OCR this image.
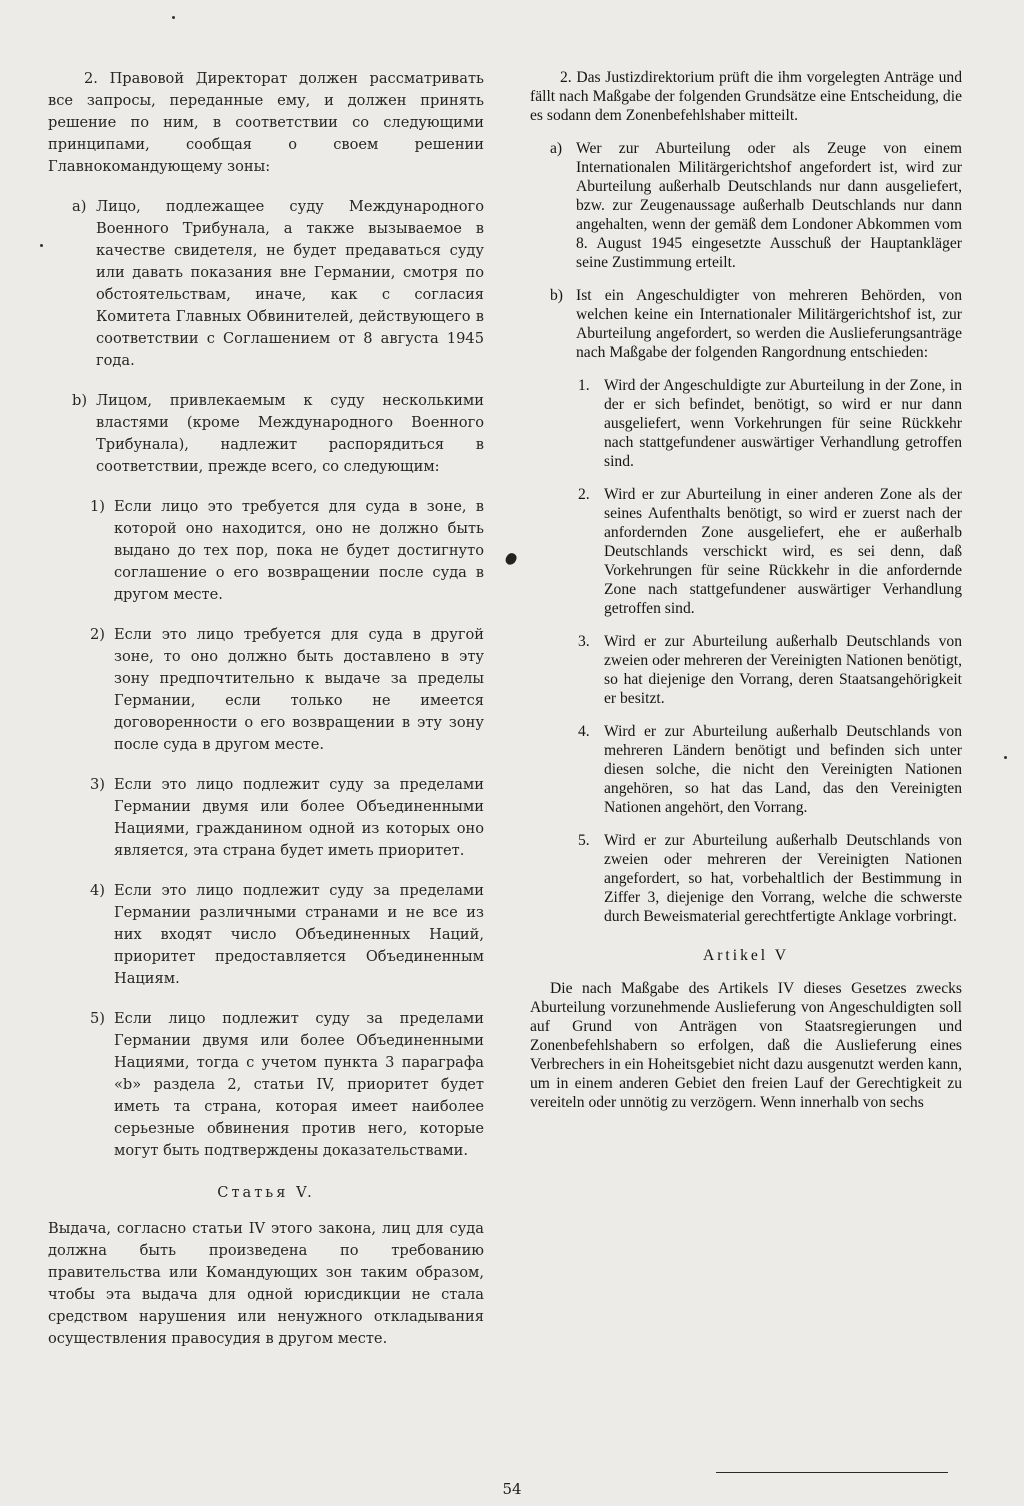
2. Правовой Директорат должен рассматривать все запросы, переданные ему, и должен принять решение по ним, в соответствии со следующими принципами, сообщая о своем решении Главнокомандующему зоны:

a) Лицо, подлежащее суду Международного Военного Трибунала, а также вызываемое в качестве свидетеля, не будет предаваться суду или давать показания вне Германии, смотря по обстоятельствам, иначе, как с согласия Комитета Главных Обвинителей, действующего в соответствии с Соглашением от 8 августа 1945 года.
b) Лицом, привлекаемым к суду несколькими властями (кроме Международного Военного Трибунала), надлежит распорядиться в соответствии, прежде всего, со следующим:
1) Если лицо это требуется для суда в зоне, в которой оно находится, оно не должно быть выдано до тех пор, пока не будет достигнуто соглашение о его возвращении после суда в другом месте.
2) Если это лицо требуется для суда в другой зоне, то оно должно быть доставлено в эту зону предпочтительно к выдаче за пределы Германии, если только не имеется договоренности о его возвращении в эту зону после суда в другом месте.
3) Если это лицо подлежит суду за пределами Германии двумя или более Объединенными Нациями, гражданином одной из которых оно является, эта страна будет иметь приоритет.
4) Если это лицо подлежит суду за пределами Германии различными странами и не все из них входят число Объединенных Наций, приоритет предоставляется Объединенным Нациям.
5) Если лицо подлежит суду за пределами Германии двумя или более Объединенными Нациями, тогда с учетом пункта 3 параграфа «b» раздела 2, статьи IV, приоритет будет иметь та страна, которая имеет наиболее серьезные обвинения против него, которые могут быть подтверждены доказательствами.

Статья V.

Выдача, согласно статьи IV этого закона, лиц для суда должна быть произведена по требованию правительства или Командующих зон таким образом, чтобы эта выдача для одной юрисдикции не стала средством нарушения или ненужного откладывания осуществления правосудия в другом месте.

2. Das Justizdirektorium prüft die ihm vorgelegten Anträge und fällt nach Maßgabe der folgenden Grundsätze eine Entscheidung, die es sodann dem Zonenbefehlshaber mitteilt.

a) Wer zur Aburteilung oder als Zeuge von einem Internationalen Militärgerichtshof angefordert ist, wird zur Aburteilung außerhalb Deutschlands nur dann ausgeliefert, bzw. zur Zeugenaussage außerhalb Deutschlands nur dann angehalten, wenn der gemäß dem Londoner Abkommen vom 8. August 1945 eingesetzte Ausschuß der Hauptankläger seine Zustimmung erteilt.
b) Ist ein Angeschuldigter von mehreren Behörden, von welchen keine ein Internationaler Militärgerichtshof ist, zur Aburteilung angefordert, so werden die Auslieferungsanträge nach Maßgabe der folgenden Rangordnung entschieden:
1. Wird der Angeschuldigte zur Aburteilung in der Zone, in der er sich befindet, benötigt, so wird er nur dann ausgeliefert, wenn Vorkehrungen für seine Rückkehr nach stattgefundener auswärtiger Verhandlung getroffen sind.
2. Wird er zur Aburteilung in einer anderen Zone als der seines Aufenthalts benötigt, so wird er zuerst nach der anfordernden Zone ausgeliefert, ehe er außerhalb Deutschlands verschickt wird, es sei denn, daß Vorkehrungen für seine Rückkehr in die anfordernde Zone nach stattgefundener auswärtiger Verhandlung getroffen sind.
3. Wird er zur Aburteilung außerhalb Deutschlands von zweien oder mehreren der Vereinigten Nationen benötigt, so hat diejenige den Vorrang, deren Staatsangehörigkeit er besitzt.
4. Wird er zur Aburteilung außerhalb Deutschlands von mehreren Ländern benötigt und befinden sich unter diesen solche, die nicht den Vereinigten Nationen angehören, so hat das Land, das den Vereinigten Nationen angehört, den Vorrang.
5. Wird er zur Aburteilung außerhalb Deutschlands von zweien oder mehreren der Vereinigten Nationen angefordert, so hat, vorbehaltlich der Bestimmung in Ziffer 3, diejenige den Vorrang, welche die schwerste durch Beweismaterial gerechtfertigte Anklage vorbringt.

Artikel V

Die nach Maßgabe des Artikels IV dieses Gesetzes zwecks Aburteilung vorzunehmende Auslieferung von Angeschuldigten soll auf Grund von Anträgen von Staatsregierungen und Zonenbefehlshabern so erfolgen, daß die Auslieferung eines Verbrechers in ein Hoheitsgebiet nicht dazu ausgenutzt werden kann, um in einem anderen Gebiet den freien Lauf der Gerechtigkeit zu vereiteln oder unnötig zu verzögern. Wenn innerhalb von sechs

54
